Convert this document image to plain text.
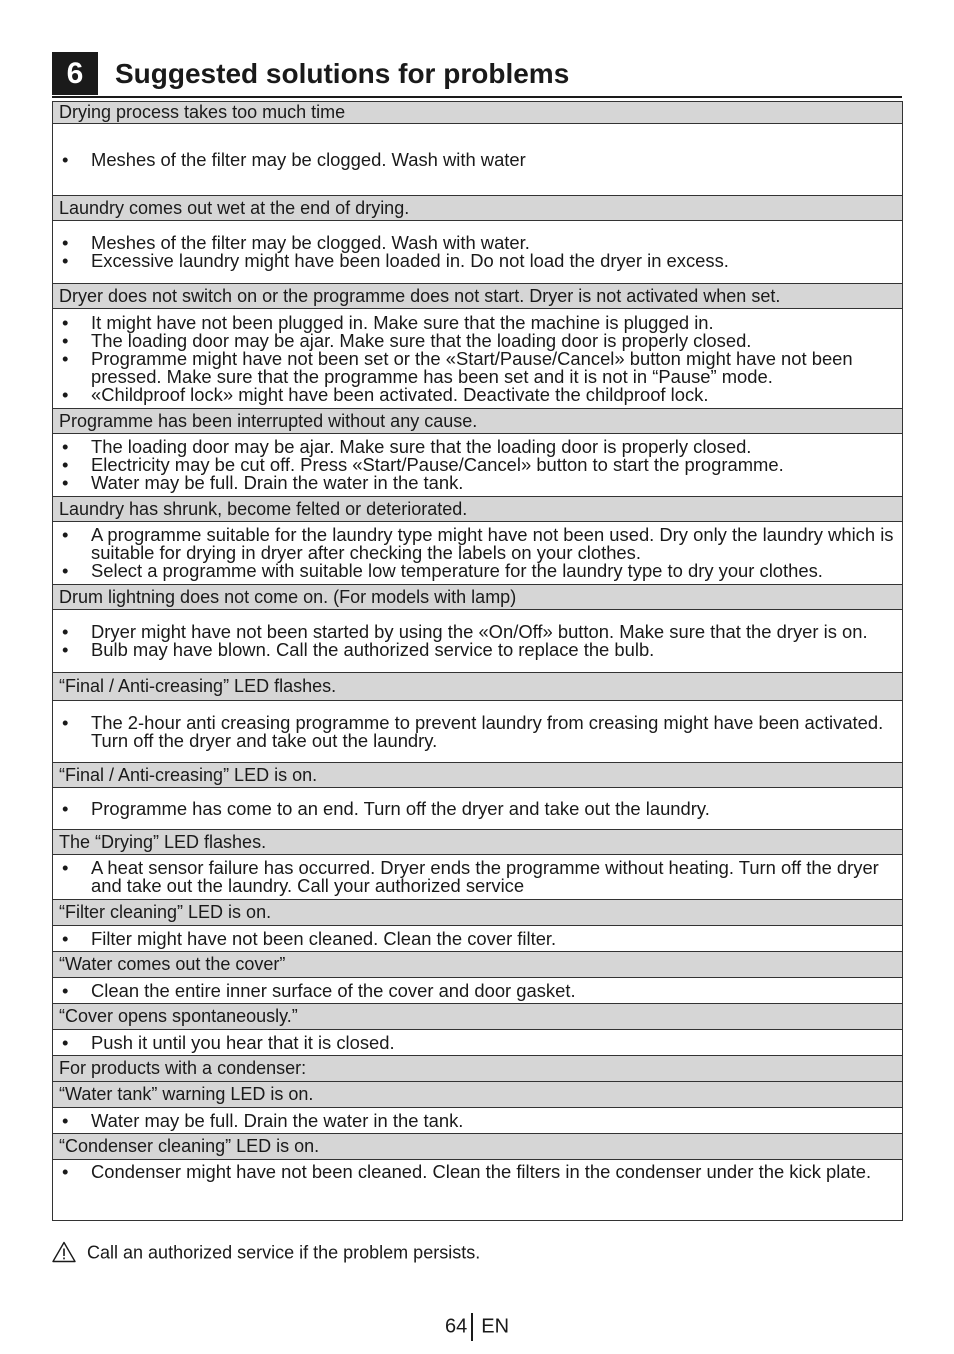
6	Suggested solutions for problems
Drying process takes too much time

• Meshes of the filter may be clogged. Wash with water

Laundry comes out wet at the end of drying.

• Meshes of the filter may be clogged. Wash with water.
• Excessive laundry might have been loaded in. Do not load the dryer in excess.

Dryer does not switch on or the programme does not start. Dryer is not activated when set.

• It might have not been plugged in. Make sure that the machine is plugged in.
• The loading door may be ajar. Make sure that the loading door is properly closed.
• Programme might have not been set or the «Start/Pause/Cancel» button might have not been pressed. Make sure that the programme has been set and it is not in “Pause” mode.
• «Childproof lock» might have been activated. Deactivate the childproof lock.

Programme has been interrupted without any cause.

• The loading door may be ajar. Make sure that the loading door is properly closed.
• Electricity may be cut off. Press «Start/Pause/Cancel» button to start the programme.
• Water may be full. Drain the water in the tank.

Laundry has shrunk, become felted or deteriorated.

• A programme suitable for the laundry type might have not been used. Dry only the laundry which is suitable for drying in dryer after checking the labels on your clothes.
• Select a programme with suitable low temperature for the laundry type to dry your clothes.

Drum lightning does not come on. (For models with lamp)

• Dryer might have not been started by using the «On/Off» button. Make sure that the dryer is on.
• Bulb may have blown. Call the authorized service to replace the bulb.

“Final / Anti-creasing” LED flashes.

• The 2-hour anti creasing programme to prevent laundry from creasing might have been activated. Turn off the dryer and take out the laundry.

“Final / Anti-creasing” LED is on.

• Programme has come to an end. Turn off the dryer and take out the laundry.

The “Drying” LED flashes.

• A heat sensor failure has occurred. Dryer ends the programme without heating. Turn off the dryer and take out the laundry. Call your authorized service

“Filter cleaning” LED is on.

• Filter might have not been cleaned. Clean the cover filter.

“Water comes out the cover”

• Clean the entire inner surface of the cover and door gasket.

“Cover opens spontaneously.”

• Push it until you hear that it is closed.

For products with a condenser:
“Water tank” warning LED is on.

• Water may be full. Drain the water in the tank.

“Condenser cleaning” LED is on.

• Condenser might have not been cleaned. Clean the filters in the condenser under the kick plate.
Call an authorized service if the problem persists.
64 EN
